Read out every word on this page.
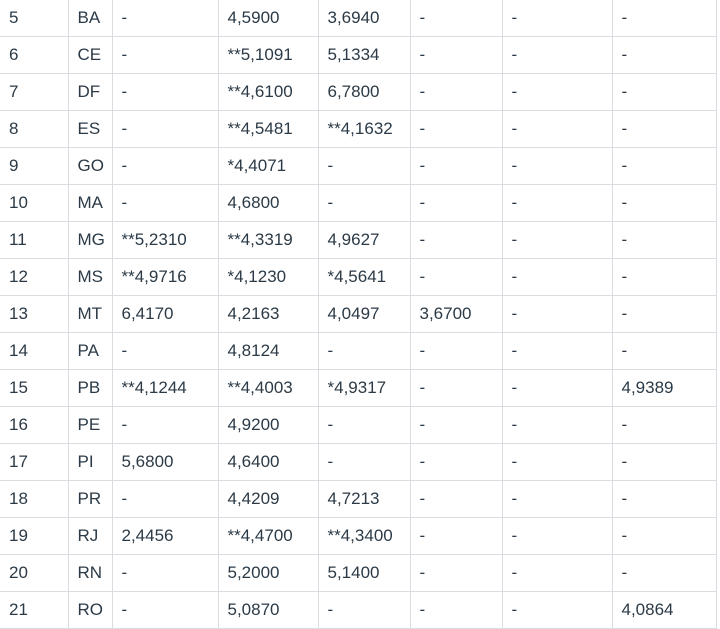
5	BA	-	4,5900	3,6940	-	-	-	
6	CE	-	**5,1091	5,1334	-	-	-	
7	DF	-	**4,6100	6,7800	-	-	-	
8	ES	-	**4,5481	**4,1632	-	-	-	
9	GO	-	*4,4071	-	-	-	-	
10	MA	-	4,6800	-	-	-	-	
11	MG	**5,2310	**4,3319	4,9627	-	-	-	
12	MS	**4,9716	*4,1230	*4,5641	-	-	-	
13	MT	6,4170	4,2163	4,0497	3,6700	-	-	
14	PA	-	4,8124	-	-	-	-	
15	PB	**4,1244	**4,4003	*4,9317	-	-	4,9389	
16	PE	-	4,9200	-	-	-	-	
17	PI	5,6800	4,6400	-	-	-	-	
18	PR	-	4,4209	4,7213	-	-	-	
19	RJ	2,4456	**4,4700	**4,3400	-	-	-	
20	RN	-	5,2000	5,1400	-	-	-	
21	RO	-	5,0870	-	-	-	4,0864	
